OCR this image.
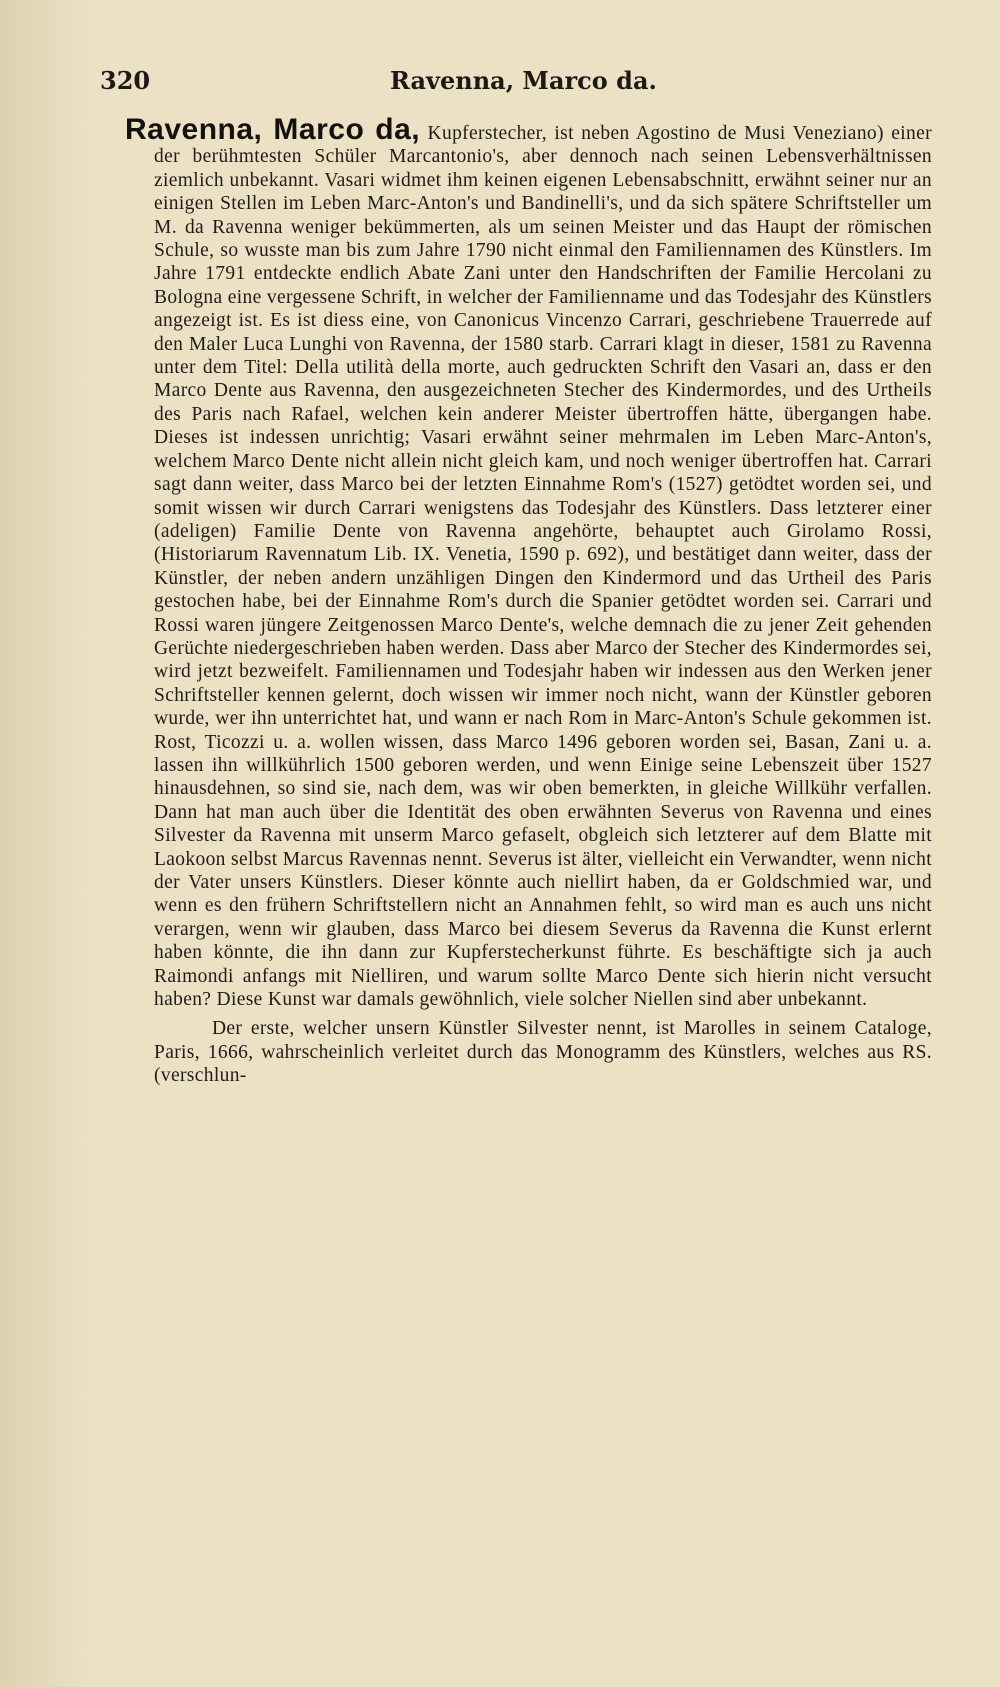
320	Ravenna, Marco da.

Ravenna, Marco da, Kupferstecher, ist neben Agostino de Musi Veneziano) einer der berühmtesten Schüler Marcantonio's, aber dennoch nach seinen Lebensverhältnissen ziemlich unbekannt. Vasari widmet ihm keinen eigenen Lebensabschnitt, erwähnt seiner nur an einigen Stellen im Leben Marc-Anton's und Bandinelli's, und da sich spätere Schriftsteller um M. da Ravenna weniger bekümmerten, als um seinen Meister und das Haupt der römischen Schule, so wusste man bis zum Jahre 1790 nicht einmal den Familiennamen des Künstlers. Im Jahre 1791 entdeckte endlich Abate Zani unter den Handschriften der Familie Hercolani zu Bologna eine vergessene Schrift, in welcher der Familienname und das Todesjahr des Künstlers angezeigt ist. Es ist diess eine, von Canonicus Vincenzo Carrari, geschriebene Trauerrede auf den Maler Luca Lunghi von Ravenna, der 1580 starb. Carrari klagt in dieser, 1581 zu Ravenna unter dem Titel: Della utilità della morte, auch gedruckten Schrift den Vasari an, dass er den Marco Dente aus Ravenna, den ausgezeichneten Stecher des Kindermordes, und des Urtheils des Paris nach Rafael, welchen kein anderer Meister übertroffen hätte, übergangen habe. Dieses ist indessen unrichtig; Vasari erwähnt seiner mehrmalen im Leben Marc-Anton's, welchem Marco Dente nicht allein nicht gleich kam, und noch weniger übertroffen hat. Carrari sagt dann weiter, dass Marco bei der letzten Einnahme Rom's (1527) getödtet worden sei, und somit wissen wir durch Carrari wenigstens das Todesjahr des Künstlers. Dass letzterer einer (adeligen) Familie Dente von Ravenna angehörte, behauptet auch Girolamo Rossi, (Historiarum Ravennatum Lib. IX. Venetia, 1590 p. 692), und bestätiget dann weiter, dass der Künstler, der neben andern unzähligen Dingen den Kindermord und das Urtheil des Paris gestochen habe, bei der Einnahme Rom's durch die Spanier getödtet worden sei. Carrari und Rossi waren jüngere Zeitgenossen Marco Dente's, welche demnach die zu jener Zeit gehenden Gerüchte niedergeschrieben haben werden. Dass aber Marco der Stecher des Kindermordes sei, wird jetzt bezweifelt. Familiennamen und Todesjahr haben wir indessen aus den Werken jener Schriftsteller kennen gelernt, doch wissen wir immer noch nicht, wann der Künstler geboren wurde, wer ihn unterrichtet hat, und wann er nach Rom in Marc-Anton's Schule gekommen ist. Rost, Ticozzi u. a. wollen wissen, dass Marco 1496 geboren worden sei, Basan, Zani u. a. lassen ihn willkührlich 1500 geboren werden, und wenn Einige seine Lebenszeit über 1527 hinausdehnen, so sind sie, nach dem, was wir oben bemerkten, in gleiche Willkühr verfallen. Dann hat man auch über die Identität des oben erwähnten Severus von Ravenna und eines Silvester da Ravenna mit unserm Marco gefaselt, obgleich sich letzterer auf dem Blatte mit Laokoon selbst Marcus Ravennas nennt. Severus ist älter, vielleicht ein Verwandter, wenn nicht der Vater unsers Künstlers. Dieser könnte auch niellirt haben, da er Goldschmied war, und wenn es den frühern Schriftstellern nicht an Annahmen fehlt, so wird man es auch uns nicht verargen, wenn wir glauben, dass Marco bei diesem Severus da Ravenna die Kunst erlernt haben könnte, die ihn dann zur Kupferstecherkunst führte. Es beschäftigte sich ja auch Raimondi anfangs mit Nielliren, und warum sollte Marco Dente sich hierin nicht versucht haben? Diese Kunst war damals gewöhnlich, viele solcher Niellen sind aber unbekannt.

Der erste, welcher unsern Künstler Silvester nennt, ist Marolles in seinem Cataloge, Paris, 1666, wahrscheinlich verleitet durch das Monogramm des Künstlers, welches aus RS. (verschlun-
